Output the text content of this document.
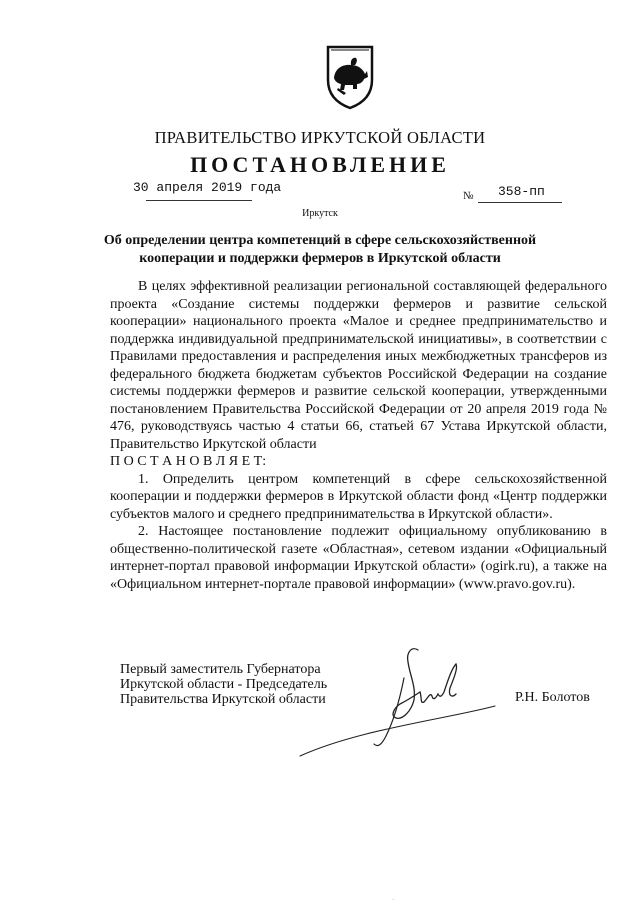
ПРАВИТЕЛЬСТВО ИРКУТСКОЙ ОБЛАСТИ
ПОСТАНОВЛЕНИЕ
30 апреля 2019 года
№ 358-пп
Иркутск
Об определении центра компетенций в сфере сельскохозяйственной
кооперации и поддержки фермеров в Иркутской области

В целях эффективной реализации региональной составляющей федерального проекта «Создание системы поддержки фермеров и развитие сельской кооперации» национального проекта «Малое и среднее предпринимательство и поддержка индивидуальной предпринимательской инициативы», в соответствии с Правилами предоставления и распределения иных межбюджетных трансферов из федерального бюджета бюджетам субъектов Российской Федерации на создание системы поддержки фермеров и развитие сельской кооперации, утвержденными постановлением Правительства Российской Федерации от 20 апреля 2019 года № 476, руководствуясь частью 4 статьи 66, статьей 67 Устава Иркутской области, Правительство Иркутской области

П О С Т А Н О В Л Я Е Т:

1. Определить центром компетенций в сфере сельскохозяйственной кооперации и поддержки фермеров в Иркутской области фонд «Центр поддержки субъектов малого и среднего предпринимательства в Иркутской области».

2. Настоящее постановление подлежит официальному опубликованию в общественно-политической газете «Областная», сетевом издании «Официальный интернет-портал правовой информации Иркутской области» (ogirk.ru), а также на «Официальном интернет-портале правовой информации» (www.pravo.gov.ru).

Первый заместитель Губернатора
Иркутской области - Председатель
Правительства Иркутской области	Р.Н. Болотов
·
